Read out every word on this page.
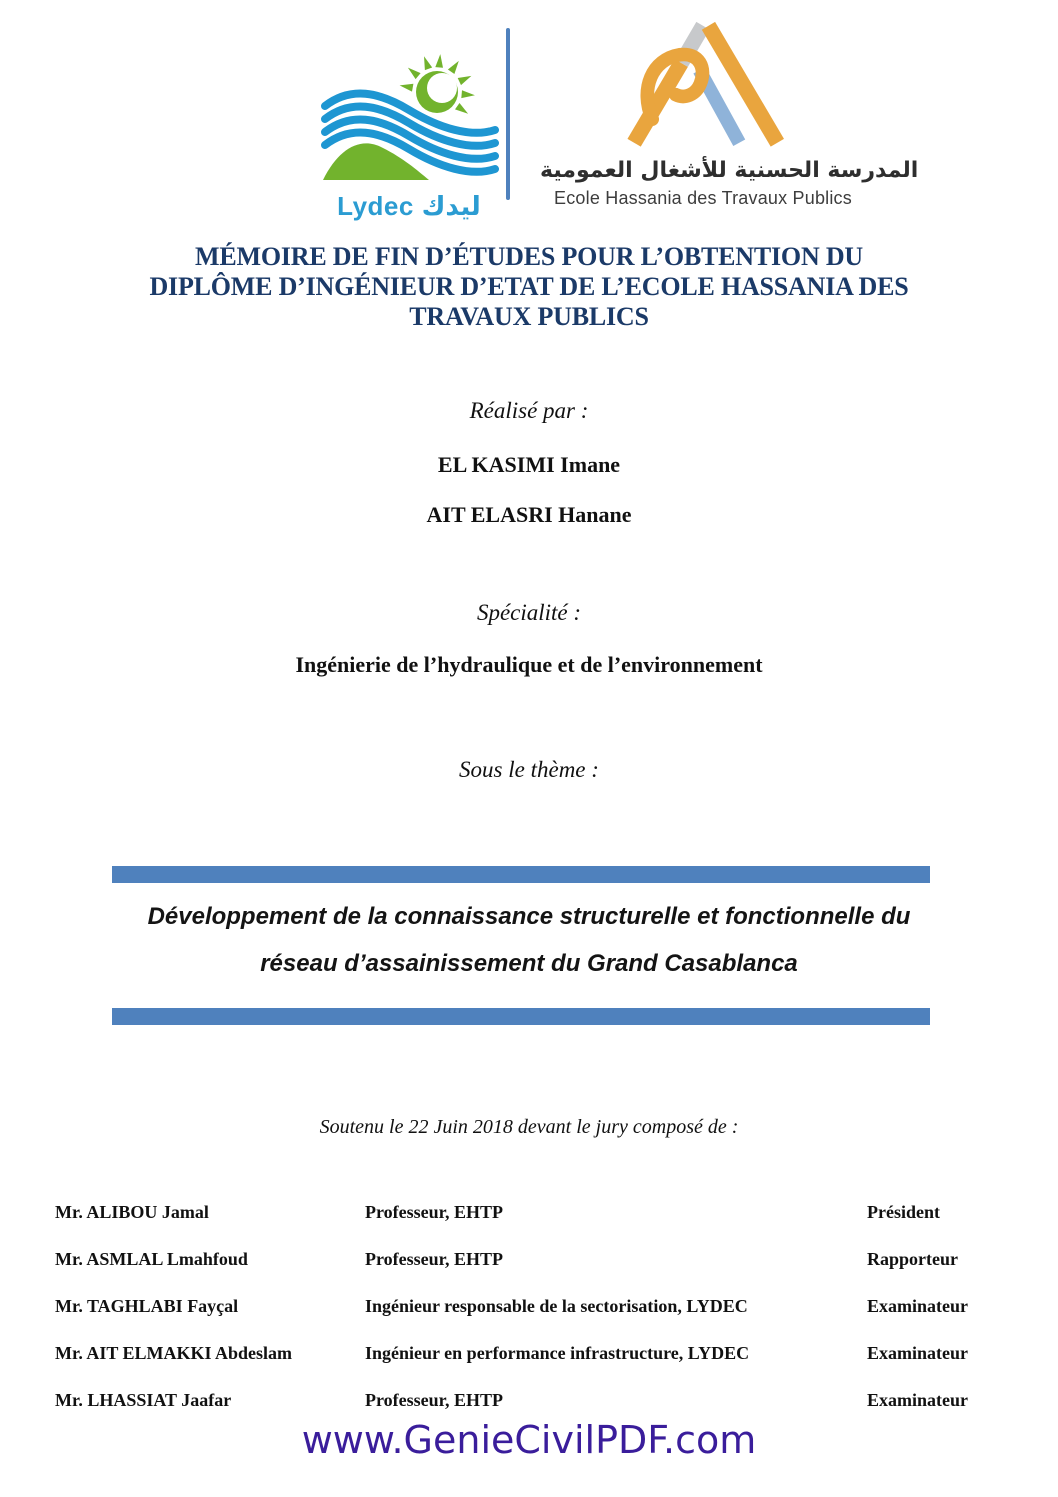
Lydec ليدك
المدرسة الحسنية للأشغال العمومية
Ecole Hassania des Travaux Publics
MÉMOIRE DE FIN D’ÉTUDES POUR L’OBTENTION DU
DIPLÔME D’INGÉNIEUR D’ETAT DE L’ECOLE HASSANIA DES
TRAVAUX PUBLICS
Réalisé par :
EL KASIMI Imane
AIT ELASRI Hanane
Spécialité :
Ingénierie de l’hydraulique et de l’environnement
Sous le thème :
Développement de la connaissance structurelle et fonctionnelle du
réseau d’assainissement du Grand Casablanca
Soutenu le 22 Juin 2018 devant le jury composé de :
Mr. ALIBOU Jamal	Professeur, EHTP	Président
Mr. ASMLAL Lmahfoud	Professeur, EHTP	Rapporteur
Mr. TAGHLABI Fayçal	Ingénieur responsable de la sectorisation, LYDEC	Examinateur
Mr. AIT ELMAKKI Abdeslam	Ingénieur en performance infrastructure, LYDEC	Examinateur
Mr. LHASSIAT Jaafar	Professeur, EHTP	Examinateur
www.GenieCivilPDF.com
